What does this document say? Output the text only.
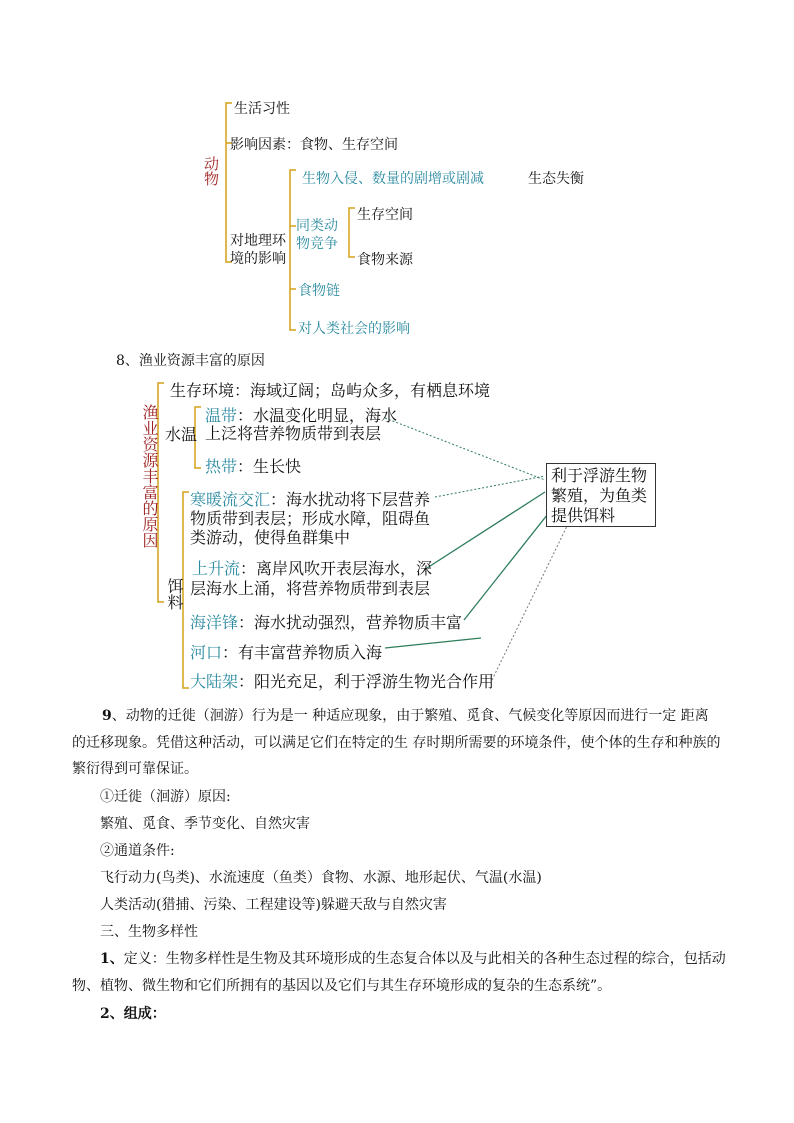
动物
生活习性
影响因素：食物、生存空间
对地理环境的影响
生物入侵、数量的剧增或剧减	生态失衡
同类动物竞争
生存空间
食物来源
食物链
对人类社会的影响
8、渔业资源丰富的原因
渔业资源丰富的原因
生存环境：海域辽阔；岛屿众多，有栖息环境
水温
温带：水温变化明显，海水
上泛将营养物质带到表层
热带：生长快
饵料
寒暖流交汇：海水扰动将下层营养
物质带到表层；形成水障，阻碍鱼
类游动，使得鱼群集中
上升流：离岸风吹开表层海水，深
层海水上涌，将营养物质带到表层
海洋锋：海水扰动强烈，营养物质丰富
河口：有丰富营养物质入海
大陆架：阳光充足，利于浮游生物光合作用
利于浮游生物繁殖，为鱼类提供饵料
9、动物的迁徙（洄游）行为是一 种适应现象，由于繁殖、觅食、气候变化等原因而进行一定 距离
的迁移现象。凭借这种活动，可以满足它们在特定的生 存时期所需要的环境条件，使个体的生存和种族的
繁衍得到可靠保证。
①迁徙（洄游）原因:
繁殖、觅食、季节变化、自然灾害
②通道条件:
飞行动力(鸟类)、水流速度（鱼类）食物、水源、地形起伏、气温(水温)
人类活动(猎捕、污染、工程建设等)躲避天敌与自然灾害
三、生物多样性
1、定义：生物多样性是生物及其环境形成的生态复合体以及与此相关的各种生态过程的综合，包括动
物、植物、微生物和它们所拥有的基因以及它们与其生存环境形成的复杂的生态系统”。
2、组成：
